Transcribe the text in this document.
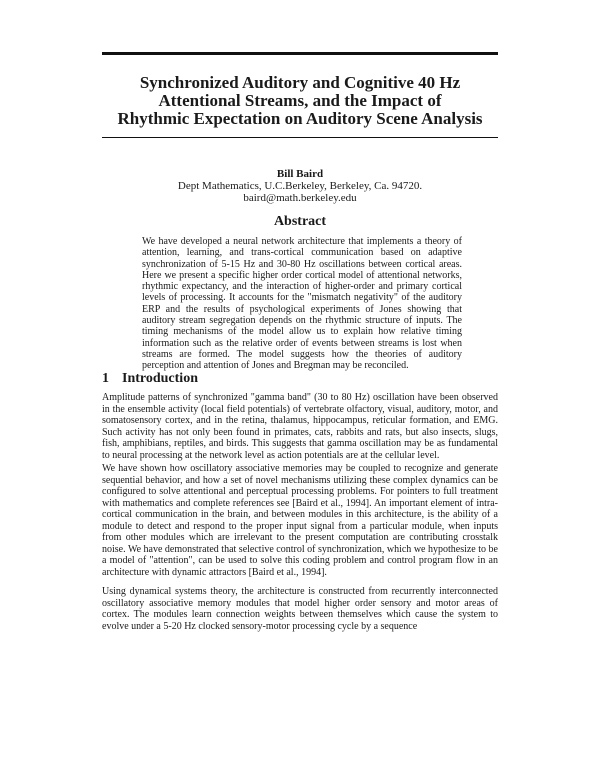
Synchronized Auditory and Cognitive 40 Hz
Attentional Streams, and the Impact of
Rhythmic Expectation on Auditory Scene Analysis
Bill Baird
Dept Mathematics, U.C.Berkeley, Berkeley, Ca. 94720.
baird@math.berkeley.edu
Abstract

We have developed a neural network architecture that implements a theory of attention, learning, and trans-cortical communication based on adaptive synchronization of 5-15 Hz and 30-80 Hz oscillations between cortical areas. Here we present a specific higher order cortical model of attentional networks, rhythmic expectancy, and the interaction of higher-order and primary cortical levels of processing. It accounts for the "mismatch negativity" of the auditory ERP and the results of psychological experiments of Jones showing that auditory stream segregation depends on the rhythmic structure of inputs. The timing mechanisms of the model allow us to explain how relative timing information such as the relative order of events between streams is lost when streams are formed. The model suggests how the theories of auditory perception and attention of Jones and Bregman may be reconciled.

1 Introduction

Amplitude patterns of synchronized "gamma band" (30 to 80 Hz) oscillation have been observed in the ensemble activity (local field potentials) of vertebrate olfactory, visual, auditory, motor, and somatosensory cortex, and in the retina, thalamus, hippocampus, reticular formation, and EMG. Such activity has not only been found in primates, cats, rabbits and rats, but also insects, slugs, fish, amphibians, reptiles, and birds. This suggests that gamma oscillation may be as fundamental to neural processing at the network level as action potentials are at the cellular level.

We have shown how oscillatory associative memories may be coupled to recognize and generate sequential behavior, and how a set of novel mechanisms utilizing these complex dynamics can be configured to solve attentional and perceptual processing problems. For pointers to full treatment with mathematics and complete references see [Baird et al., 1994]. An important element of intra-cortical communication in the brain, and between modules in this architecture, is the ability of a module to detect and respond to the proper input signal from a particular module, when inputs from other modules which are irrelevant to the present computation are contributing crosstalk noise. We have demonstrated that selective control of synchronization, which we hypothesize to be a model of "attention", can be used to solve this coding problem and control program flow in an architecture with dynamic attractors [Baird et al., 1994].

Using dynamical systems theory, the architecture is constructed from recurrently interconnected oscillatory associative memory modules that model higher order sensory and motor areas of cortex. The modules learn connection weights between themselves which cause the system to evolve under a 5-20 Hz clocked sensory-motor processing cycle by a sequence
